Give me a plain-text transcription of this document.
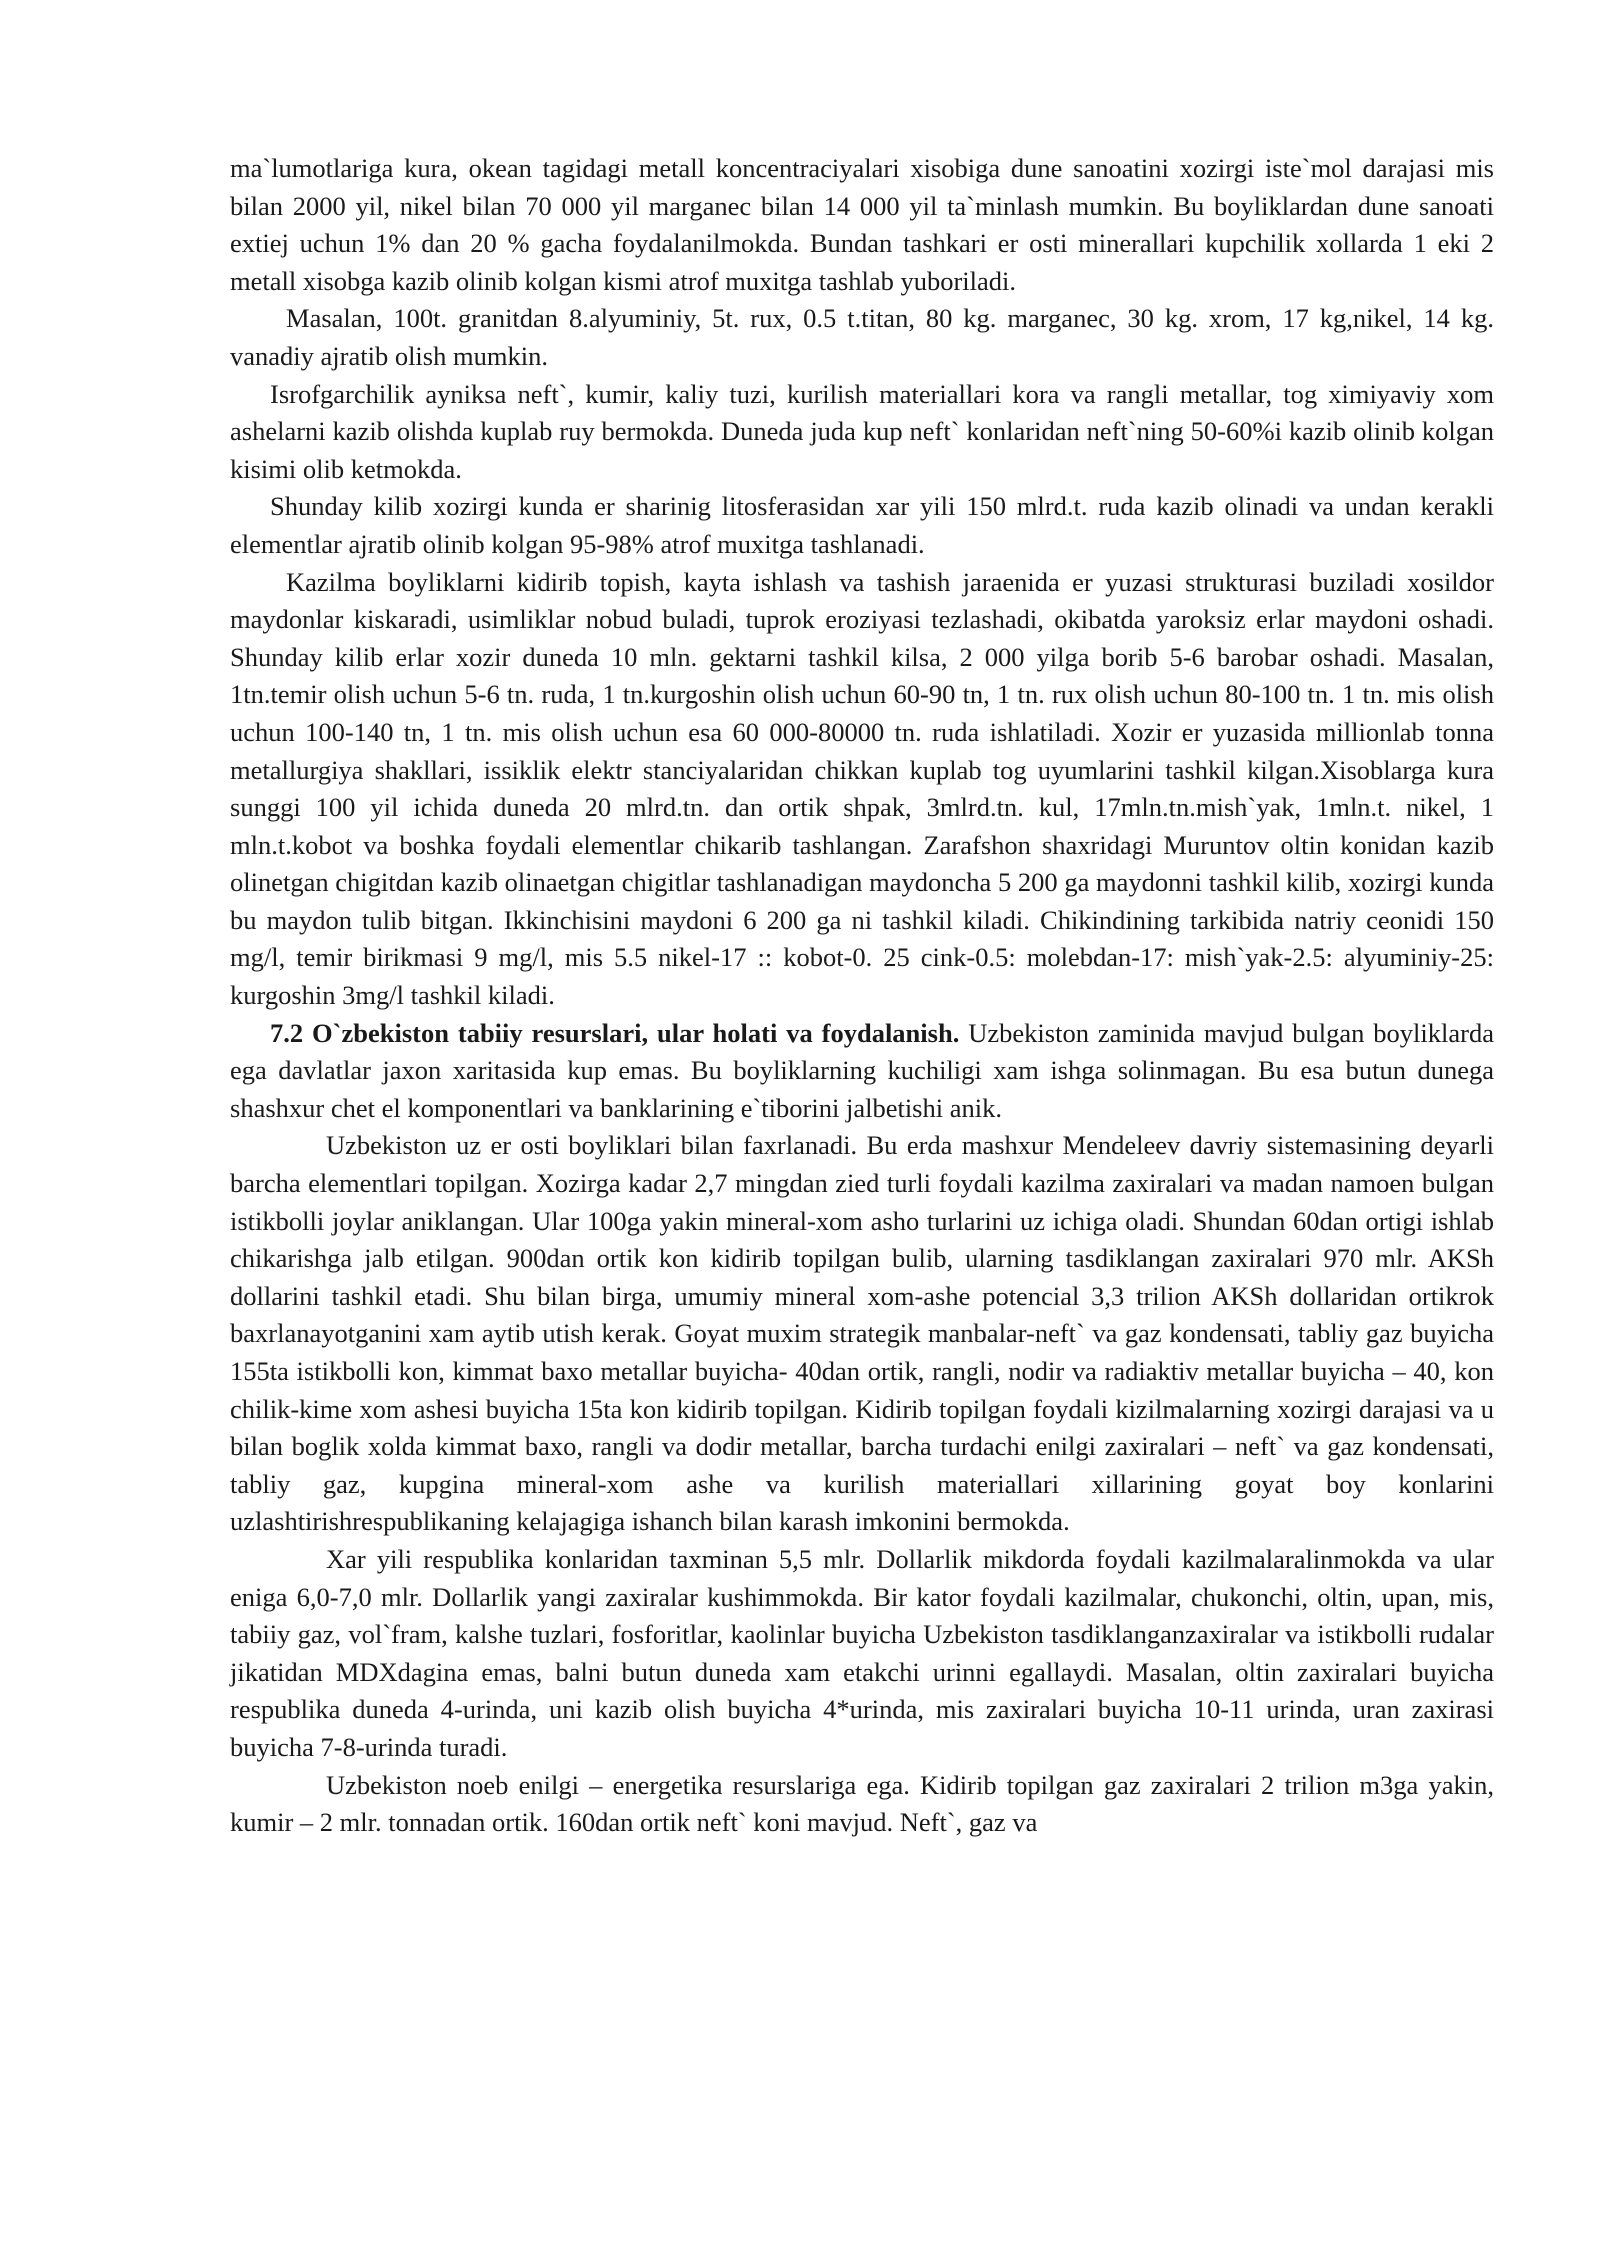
ma`lumotlariga kura, okean tagidagi metall koncentraciyalari xisobiga dune sanoatini xozirgi iste`mol darajasi mis bilan 2000 yil, nikel bilan 70 000 yil marganec bilan 14 000 yil ta`minlash mumkin. Bu boyliklardan dune sanoati extiej uchun 1% dan 20 % gacha foydalanilmokda. Bundan tashkari er osti minerallari kupchilik xollarda 1 eki 2 metall xisobga kazib olinib kolgan kismi atrof muxitga tashlab yuboriladi.

Masalan, 100t. granitdan 8.alyuminiy, 5t. rux, 0.5 t.titan, 80 kg. marganec, 30 kg. xrom, 17 kg,nikel, 14 kg. vanadiy ajratib olish mumkin.

Isrofgarchilik ayniksa neft`, kumir, kaliy tuzi, kurilish materiallari kora va rangli metallar, tog ximiyaviy xom ashelarni kazib olishda kuplab ruy bermokda. Duneda juda kup neft` konlaridan neft`ning 50-60%i kazib olinib kolgan kisimi olib ketmokda.

Shunday kilib xozirgi kunda er sharinig litosferasidan xar yili 150 mlrd.t. ruda kazib olinadi va undan kerakli elementlar ajratib olinib kolgan 95-98% atrof muxitga tashlanadi.

Kazilma boyliklarni kidirib topish, kayta ishlash va tashish jaraenida er yuzasi strukturasi buziladi xosildor maydonlar kiskaradi, usimliklar nobud buladi, tuprok eroziyasi tezlashadi, okibatda yaroksiz erlar maydoni oshadi. Shunday kilib erlar xozir duneda 10 mln. gektarni tashkil kilsa, 2 000 yilga borib 5-6 barobar oshadi. Masalan, 1tn.temir olish uchun 5-6 tn. ruda, 1 tn.kurgoshin olish uchun 60-90 tn, 1 tn. rux olish uchun 80-100 tn. 1 tn. mis olish uchun 100-140 tn, 1 tn. mis olish uchun esa 60 000-80000 tn. ruda ishlatiladi. Xozir er yuzasida millionlab tonna metallurgiya shakllari, issiklik elektr stanciyalaridan chikkan kuplab tog uyumlarini tashkil kilgan.Xisoblarga kura sunggi 100 yil ichida duneda 20 mlrd.tn. dan ortik shpak, 3mlrd.tn. kul, 17mln.tn.mish`yak, 1mln.t. nikel, 1 mln.t.kobot va boshka foydali elementlar chikarib tashlangan. Zarafshon shaxridagi Muruntov oltin konidan kazib olinetgan chigitdan kazib olinaetgan chigitlar tashlanadigan maydoncha 5 200 ga maydonni tashkil kilib, xozirgi kunda bu maydon tulib bitgan. Ikkinchisini maydoni 6 200 ga ni tashkil kiladi. Chikindining tarkibida natriy ceonidi 150 mg/l, temir birikmasi 9 mg/l, mis 5.5 nikel-17 :: kobot-0. 25 cink-0.5: molebdan-17: mish`yak-2.5: alyuminiy-25: kurgoshin 3mg/l tashkil kiladi.

7.2 O`zbekiston tabiiy resurslari, ular holati va foydalanish. Uzbekiston zaminida mavjud bulgan boyliklarda ega davlatlar jaxon xaritasida kup emas. Bu boyliklarning kuchiligi xam ishga solinmagan. Bu esa butun dunega shashxur chet el komponentlari va banklarining e`tiborini jalbetishi anik.

Uzbekiston uz er osti boyliklari bilan faxrlanadi. Bu erda mashxur Mendeleev davriy sistemasining deyarli barcha elementlari topilgan. Xozirga kadar 2,7 mingdan zied turli foydali kazilma zaxiralari va madan namoen bulgan istikbolli joylar aniklangan. Ular 100ga yakin mineral-xom asho turlarini uz ichiga oladi. Shundan 60dan ortigi ishlab chikarishga jalb etilgan. 900dan ortik kon kidirib topilgan bulib, ularning tasdiklangan zaxiralari 970 mlr. AKSh dollarini tashkil etadi. Shu bilan birga, umumiy mineral xom-ashe potencial 3,3 trilion AKSh dollaridan ortikrok baxrlanayotganini xam aytib utish kerak. Goyat muxim strategik manbalar-neft` va gaz kondensati, tabliy gaz buyicha 155ta istikbolli kon, kimmat baxo metallar buyicha- 40dan ortik, rangli, nodir va radiaktiv metallar buyicha – 40, kon chilik-kime xom ashesi buyicha 15ta kon kidirib topilgan. Kidirib topilgan foydali kizilmalarning xozirgi darajasi va u bilan boglik xolda kimmat baxo, rangli va dodir metallar, barcha turdachi enilgi zaxiralari – neft` va gaz kondensati, tabliy gaz, kupgina mineral-xom ashe va kurilish materiallari xillarining goyat boy konlarini uzlashtirishrespublikaning kelajagiga ishanch bilan karash imkonini bermokda.

Xar yili respublika konlaridan taxminan 5,5 mlr. Dollarlik mikdorda foydali kazilmalaralinmokda va ular eniga 6,0-7,0 mlr. Dollarlik yangi zaxiralar kushimmokda. Bir kator foydali kazilmalar, chukonchi, oltin, upan, mis, tabiiy gaz, vol`fram, kalshe tuzlari, fosforitlar, kaolinlar buyicha Uzbekiston tasdiklanganzaxiralar va istikbolli rudalar jikatidan MDXdagina emas, balni butun duneda xam etakchi urinni egallaydi. Masalan, oltin zaxiralari buyicha respublika duneda 4-urinda, uni kazib olish buyicha 4*urinda, mis zaxiralari buyicha 10-11 urinda, uran zaxirasi buyicha 7-8-urinda turadi.

Uzbekiston noeb enilgi – energetika resurslariga ega. Kidirib topilgan gaz zaxiralari 2 trilion m3ga yakin, kumir – 2 mlr. tonnadan ortik. 160dan ortik neft` koni mavjud. Neft`, gaz va
